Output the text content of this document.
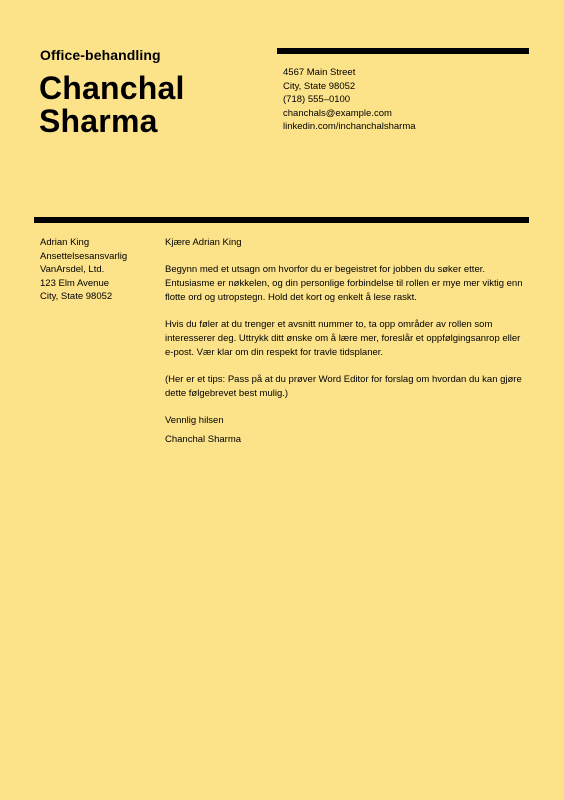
Office-behandling
Chanchal
Sharma
4567 Main Street
City, State 98052
(718) 555–0100
chanchals@example.com
linkedin.com/inchanchalsharma
Adrian King
Ansettelsesansvarlig
VanArsdel, Ltd.
123 Elm Avenue
City, State 98052

Kjære Adrian King

Begynn med et utsagn om hvorfor du er begeistret for jobben du søker etter. Entusiasme er nøkkelen, og din personlige forbindelse til rollen er mye mer viktig enn flotte ord og utropstegn. Hold det kort og enkelt å lese raskt.

Hvis du føler at du trenger et avsnitt nummer to, ta opp områder av rollen som interesserer deg. Uttrykk ditt ønske om å lære mer, foreslår et oppfølgingsanrop eller e-post. Vær klar om din respekt for travle tidsplaner.

(Her er et tips: Pass på at du prøver Word Editor for forslag om hvordan du kan gjøre dette følgebrevet best mulig.)

Vennlig hilsen

Chanchal Sharma
